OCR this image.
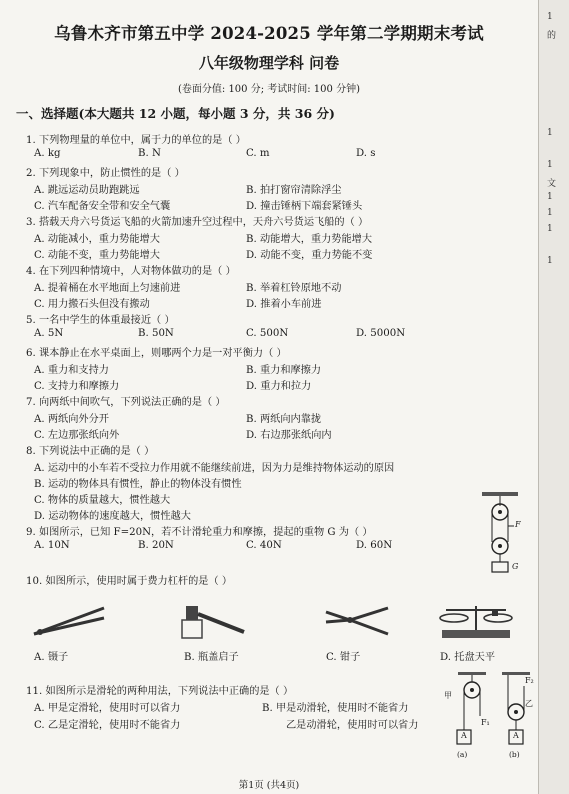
乌鲁木齐市第五中学 2024-2025 学年第二学期期末考试
八年级物理学科 问卷
(卷面分值: 100 分; 考试时间: 100 分钟)
一、选择题(本大题共 12 小题，每小题 3 分，共 36 分)
1. 下列物理量的单位中，属于力的单位的是（ ）
A. kg	B. N	C. m	D. s
2. 下列现象中，防止惯性的是（ ）
A. 跳远运动员助跑跳远	B. 拍打窗帘清除浮尘
C. 汽车配备安全带和安全气囊	D. 撞击锤柄下端套紧锤头
3. 搭载天舟六号货运飞船的火箭加速升空过程中，天舟六号货运飞船的（ ）
A. 动能减小，重力势能增大	B. 动能增大，重力势能增大
C. 动能不变，重力势能增大	D. 动能不变，重力势能不变
4. 在下列四种情境中，人对物体做功的是（ ）
A. 提着桶在水平地面上匀速前进	B. 举着杠铃原地不动
C. 用力搬石头但没有搬动	D. 推着小车前进
5. 一名中学生的体重最接近（ ）
A. 5N	B. 50N	C. 500N	D. 5000N
6. 课本静止在水平桌面上，则哪两个力是一对平衡力（ ）
A. 重力和支持力	B. 重力和摩擦力
C. 支持力和摩擦力	D. 重力和拉力
7. 向两纸中间吹气，下列说法正确的是（ ）
A. 两纸向外分开	B. 两纸向内靠拢
C. 左边那张纸向外	D. 右边那张纸向内
8. 下列说法中正确的是（ ）
A. 运动中的小车若不受拉力作用就不能继续前进，因为力是维持物体运动的原因
B. 运动的物体具有惯性，静止的物体没有惯性
C. 物体的质量越大，惯性越大
D. 运动物体的速度越大，惯性越大
9. 如图所示，已知 F=20N，若不计滑轮重力和摩擦，提起的重物 G 为（ ）
A. 10N	B. 20N	C. 40N	D. 60N
F
G
10. 如图所示，使用时属于费力杠杆的是（ ）
A. 镊子	B. 瓶盖启子	C. 钳子	D. 托盘天平
11. 如图所示是滑轮的两种用法，下列说法中正确的是（ ）
A. 甲是定滑轮，使用时可以省力	B. 甲是动滑轮，使用时不能省力
C. 乙是定滑轮，使用时不能省力	乙是动滑轮，使用时可以省力
甲
F₁
A
(a)
乙
F₂
A
(b)
第1页 (共4页)
1
的
1
1
文
1
1
1
1
